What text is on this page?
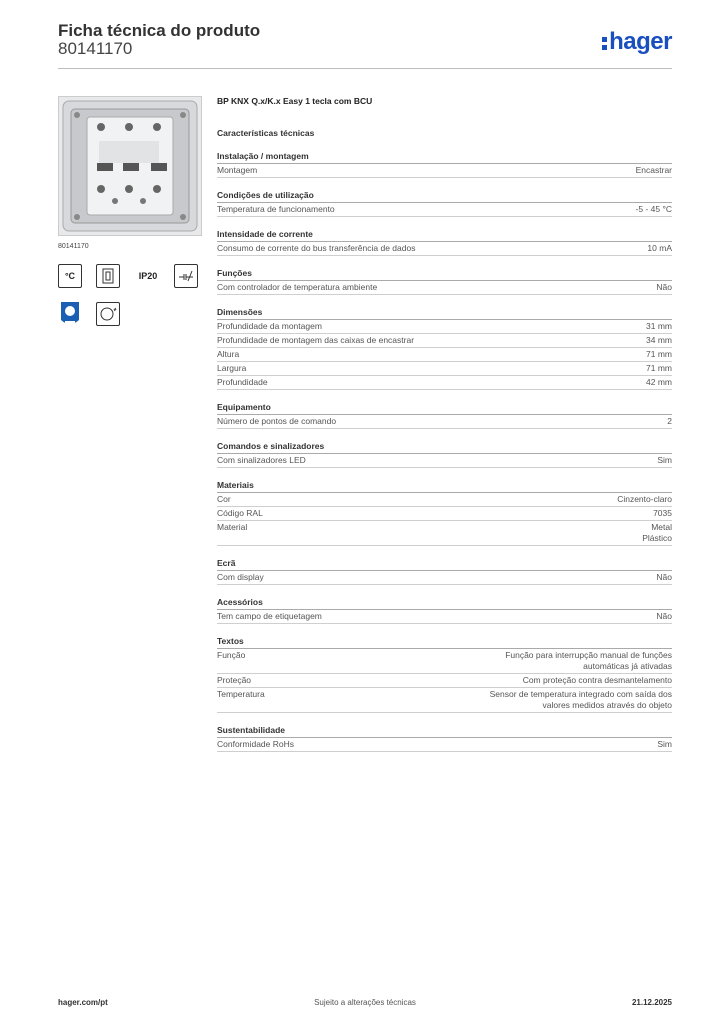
Ficha técnica do produto
80141170	hager
80141170
°C	IP20
BP KNX Q.x/K.x Easy 1 tecla com BCU
Características técnicas
Instalação / montagem
Montagem	Encastrar
Condições de utilização
Temperatura de funcionamento	-5 - 45 °C
Intensidade de corrente
Consumo de corrente do bus transferência de dados	10 mA
Funções
Com controlador de temperatura ambiente	Não
Dimensões
Profundidade da montagem	31 mm
Profundidade de montagem das caixas de encastrar	34 mm
Altura	71 mm
Largura	71 mm
Profundidade	42 mm
Equipamento
Número de pontos de comando	2
Comandos e sinalizadores
Com sinalizadores LED	Sim
Materiais
Cor	Cinzento-claro
Código RAL	7035
Material	Metal
Plástico
Ecrã
Com display	Não
Acessórios
Tem campo de etiquetagem	Não
Textos
Função	Função para interrupção manual de funções
automáticas já ativadas
Proteção	Com proteção contra desmantelamento
Temperatura	Sensor de temperatura integrado com saída dos
valores medidos através do objeto
Sustentabilidade
Conformidade RoHs	Sim
hager.com/pt	Sujeito a alterações técnicas	21.12.2025
